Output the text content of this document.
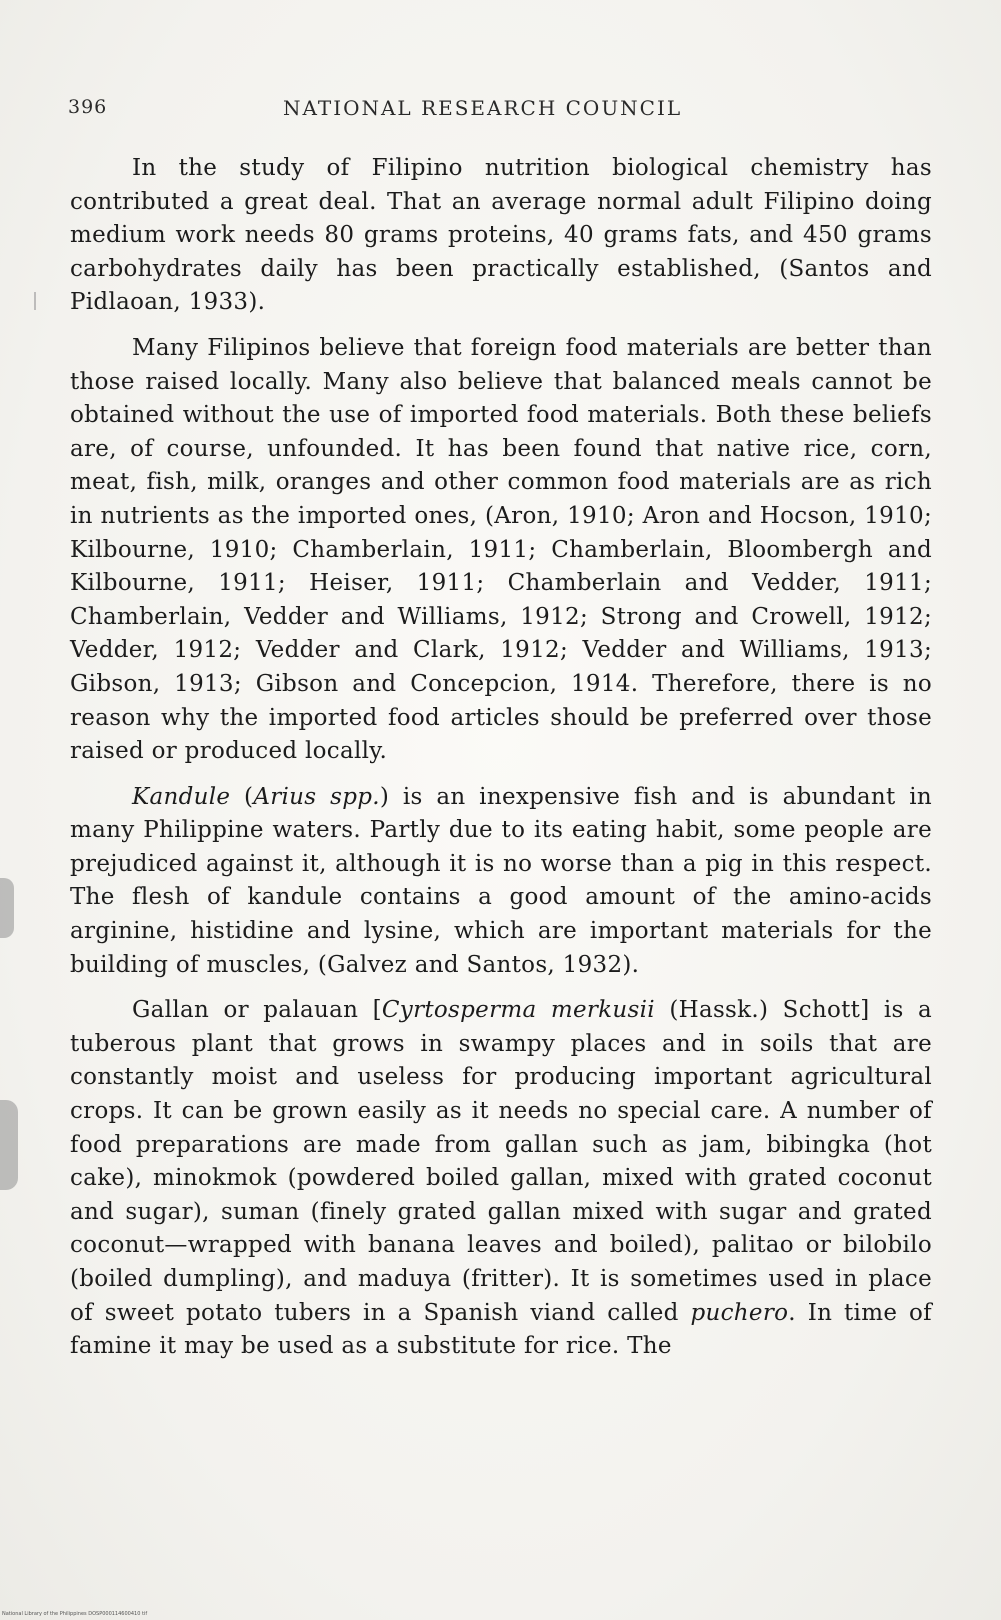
396	NATIONAL RESEARCH COUNCIL

In the study of Filipino nutrition biological chemistry has contributed a great deal. That an average normal adult Filipino doing medium work needs 80 grams proteins, 40 grams fats, and 450 grams carbohydrates daily has been practically established, (Santos and Pidlaoan, 1933).

Many Filipinos believe that foreign food materials are better than those raised locally. Many also believe that balanced meals cannot be obtained without the use of imported food materials. Both these beliefs are, of course, unfounded. It has been found that native rice, corn, meat, fish, milk, oranges and other common food materials are as rich in nutrients as the imported ones, (Aron, 1910; Aron and Hocson, 1910; Kilbourne, 1910; Chamberlain, 1911; Chamberlain, Bloombergh and Kilbourne, 1911; Heiser, 1911; Chamberlain and Vedder, 1911; Chamberlain, Vedder and Williams, 1912; Strong and Crowell, 1912; Vedder, 1912; Vedder and Clark, 1912; Vedder and Williams, 1913; Gibson, 1913; Gibson and Concepcion, 1914. Therefore, there is no reason why the imported food articles should be preferred over those raised or produced locally.

Kandule (Arius spp.) is an inexpensive fish and is abundant in many Philippine waters. Partly due to its eating habit, some people are prejudiced against it, although it is no worse than a pig in this respect. The flesh of kandule contains a good amount of the amino-acids arginine, histidine and lysine, which are important materials for the building of muscles, (Galvez and Santos, 1932).

Gallan or palauan [Cyrtosperma merkusii (Hassk.) Schott] is a tuberous plant that grows in swampy places and in soils that are constantly moist and useless for producing important agricultural crops. It can be grown easily as it needs no special care. A number of food preparations are made from gallan such as jam, bibingka (hot cake), minokmok (powdered boiled gallan, mixed with grated coconut and sugar), suman (finely grated gallan mixed with sugar and grated coconut—wrapped with banana leaves and boiled), palitao or bilobilo (boiled dumpling), and maduya (fritter). It is sometimes used in place of sweet potato tubers in a Spanish viand called puchero. In time of famine it may be used as a substitute for rice. The

National Library of the Philippines DOSP000114600410 tif
